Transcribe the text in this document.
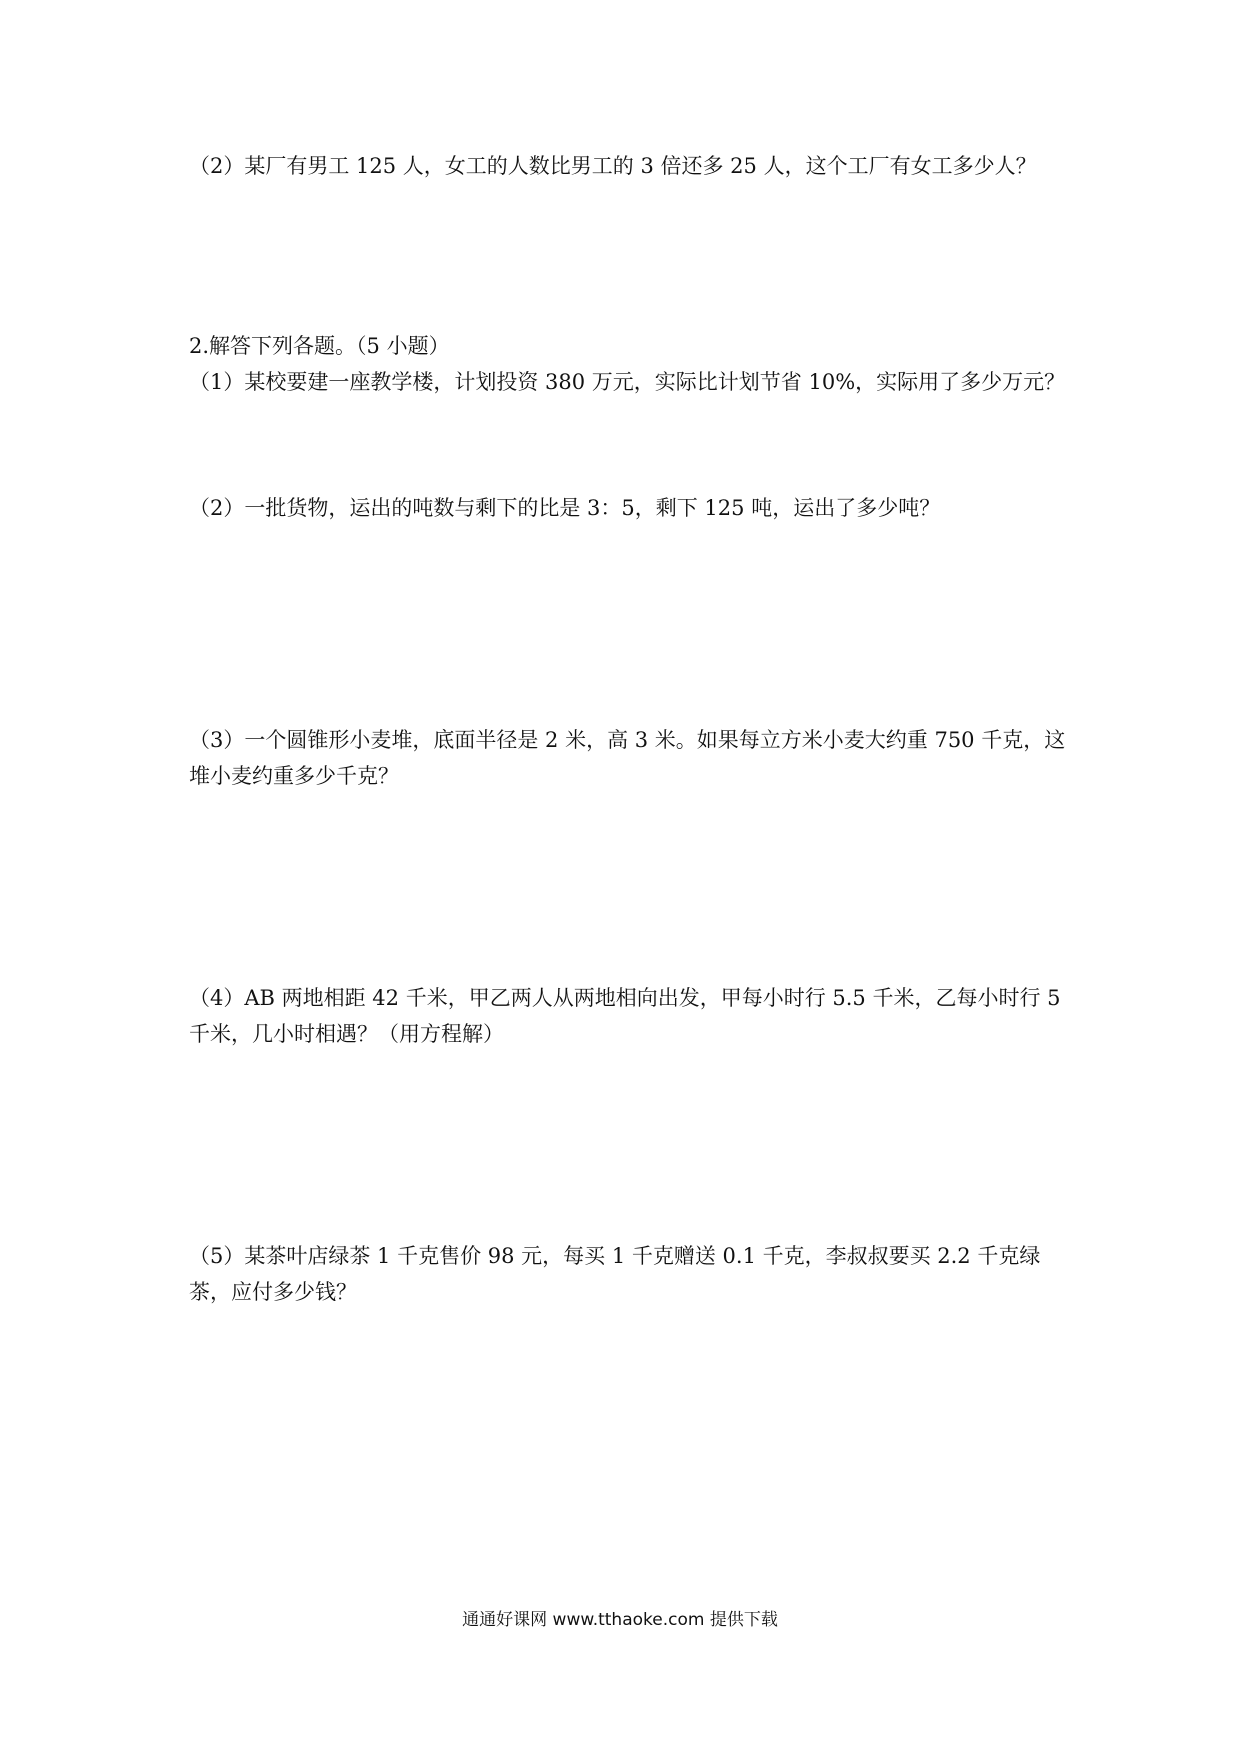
（2）某厂有男工 125 人，女工的人数比男工的 3 倍还多 25 人，这个工厂有女工多少人？

2.解答下列各题。（5 小题）

（1）某校要建一座教学楼，计划投资 380 万元，实际比计划节省 10%，实际用了多少万元？

（2）一批货物，运出的吨数与剩下的比是 3：5，剩下 125 吨，运出了多少吨？

（3）一个圆锥形小麦堆，底面半径是 2 米，高 3 米。如果每立方米小麦大约重 750 千克，这堆小麦约重多少千克？

（4）AB 两地相距 42 千米，甲乙两人从两地相向出发，甲每小时行 5.5 千米，乙每小时行 5 千米，几小时相遇？（用方程解）

（5）某茶叶店绿茶 1 千克售价 98 元，每买 1 千克赠送 0.1 千克，李叔叔要买 2.2 千克绿茶，应付多少钱？

通通好课网 www.tthaoke.com 提供下载
